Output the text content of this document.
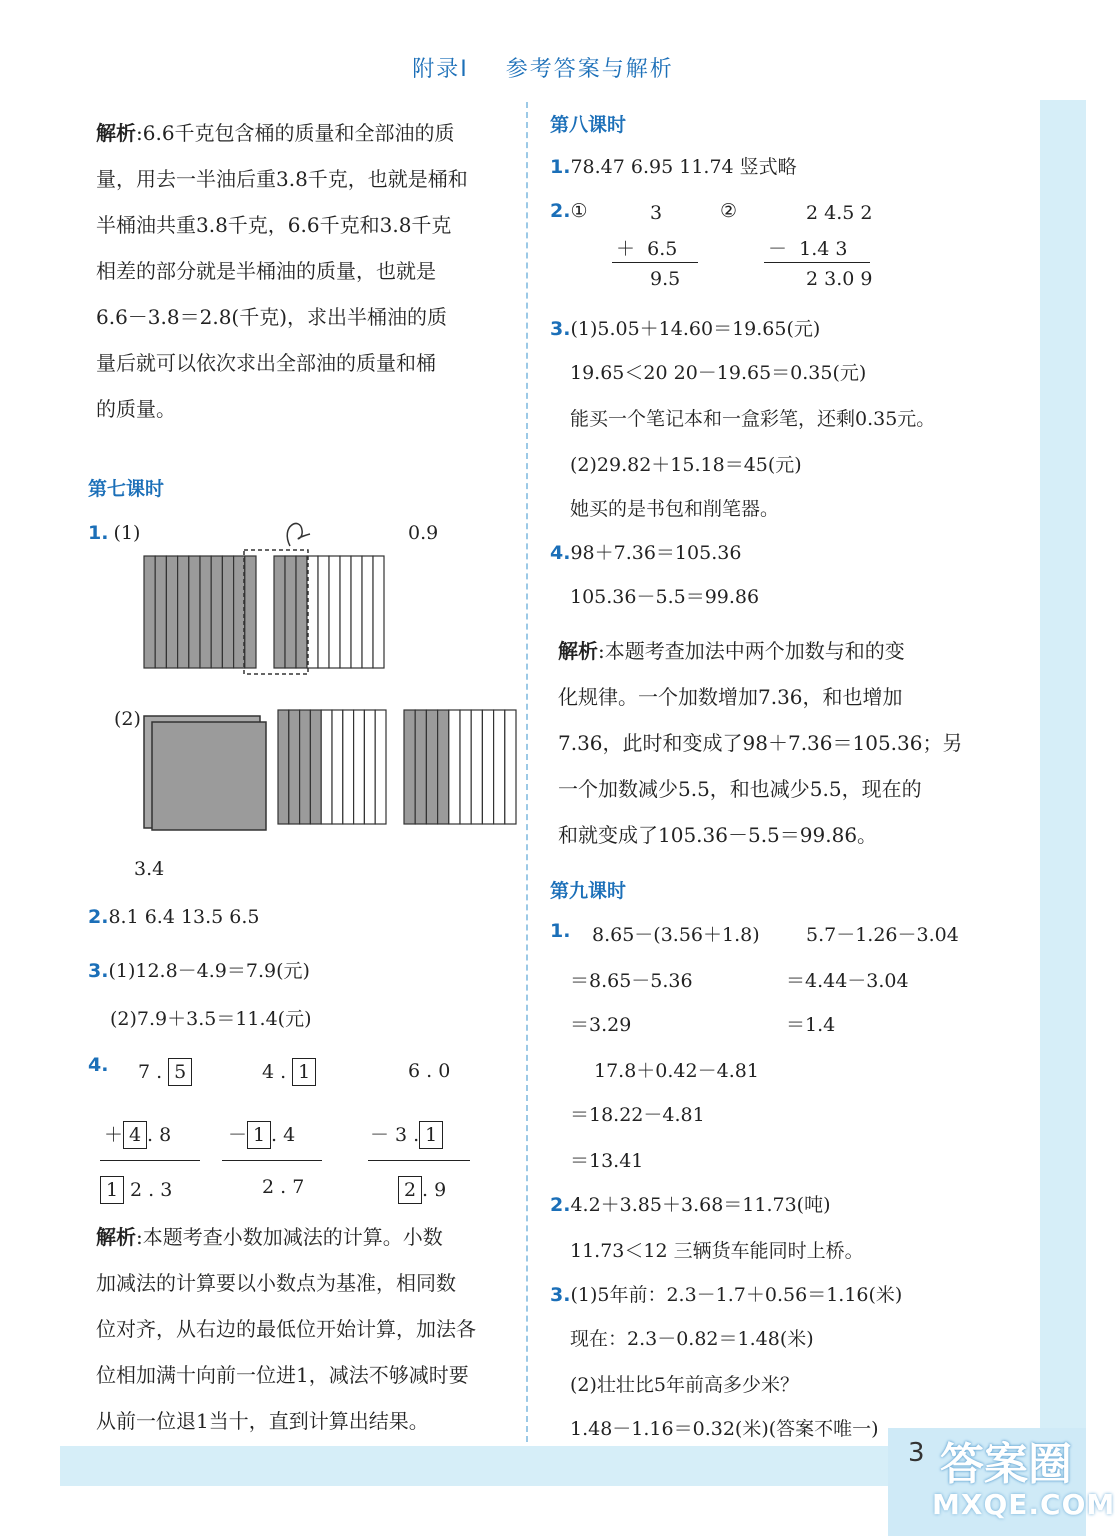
附录Ⅰ 参考答案与解析
解析:6.6千克包含桶的质量和全部油的质
量，用去一半油后重3.8千克，也就是桶和
半桶油共重3.8千克，6.6千克和3.8千克
相差的部分就是半桶油的质量，也就是
6.6－3.8＝2.8(千克)，求出半桶油的质
量后就可以依次求出全部油的质量和桶
的质量。
第七课时
1. (1)	0.9
(2)
3.4
2.8.1 6.4 13.5 6.5
3.(1)12.8－4.9＝7.9(元)
(2)7.9＋3.5＝11.4(元)
4. 7 . 5
＋ 4 . 8
1 2 . 3
4 . 1
－ 1 . 4
2 . 7
6 . 0
－ 3 . 1
2 . 9
解析:本题考查小数加减法的计算。小数
加减法的计算要以小数点为基准，相同数
位对齐，从右边的最低位开始计算，加法各
位相加满十向前一位进1，减法不够减时要
从前一位退1当十，直到计算出结果。
第八课时
1.78.47 6.95 11.74 竖式略
2.①	3
＋ 6.5
9.5
②	2 4.5 2
－ 1.4 3
2 3.0 9
3.(1)5.05＋14.60＝19.65(元)
19.65＜20 20－19.65＝0.35(元)
能买一个笔记本和一盒彩笔，还剩0.35元。
(2)29.82＋15.18＝45(元)
她买的是书包和削笔器。
4.98＋7.36＝105.36
105.36－5.5＝99.86
解析:本题考查加法中两个加数与和的变
化规律。一个加数增加7.36，和也增加
7.36，此时和变成了98＋7.36＝105.36；另
一个加数减少5.5，和也减少5.5，现在的
和就变成了105.36－5.5＝99.86。
第九课时
1. 8.65－(3.56＋1.8)
＝8.65－5.36
＝3.29
5.7－1.26－3.04
＝4.44－3.04
＝1.4
17.8＋0.42－4.81
＝18.22－4.81
＝13.41
2.4.2＋3.85＋3.68＝11.73(吨)
11.73＜12 三辆货车能同时上桥。
3.(1)5年前：2.3－1.7＋0.56＝1.16(米)
现在：2.3－0.82＝1.48(米)
(2)壮壮比5年前高多少米？
1.48－1.16＝0.32(米)(答案不唯一)
3 答案圈
MXQE.COM
